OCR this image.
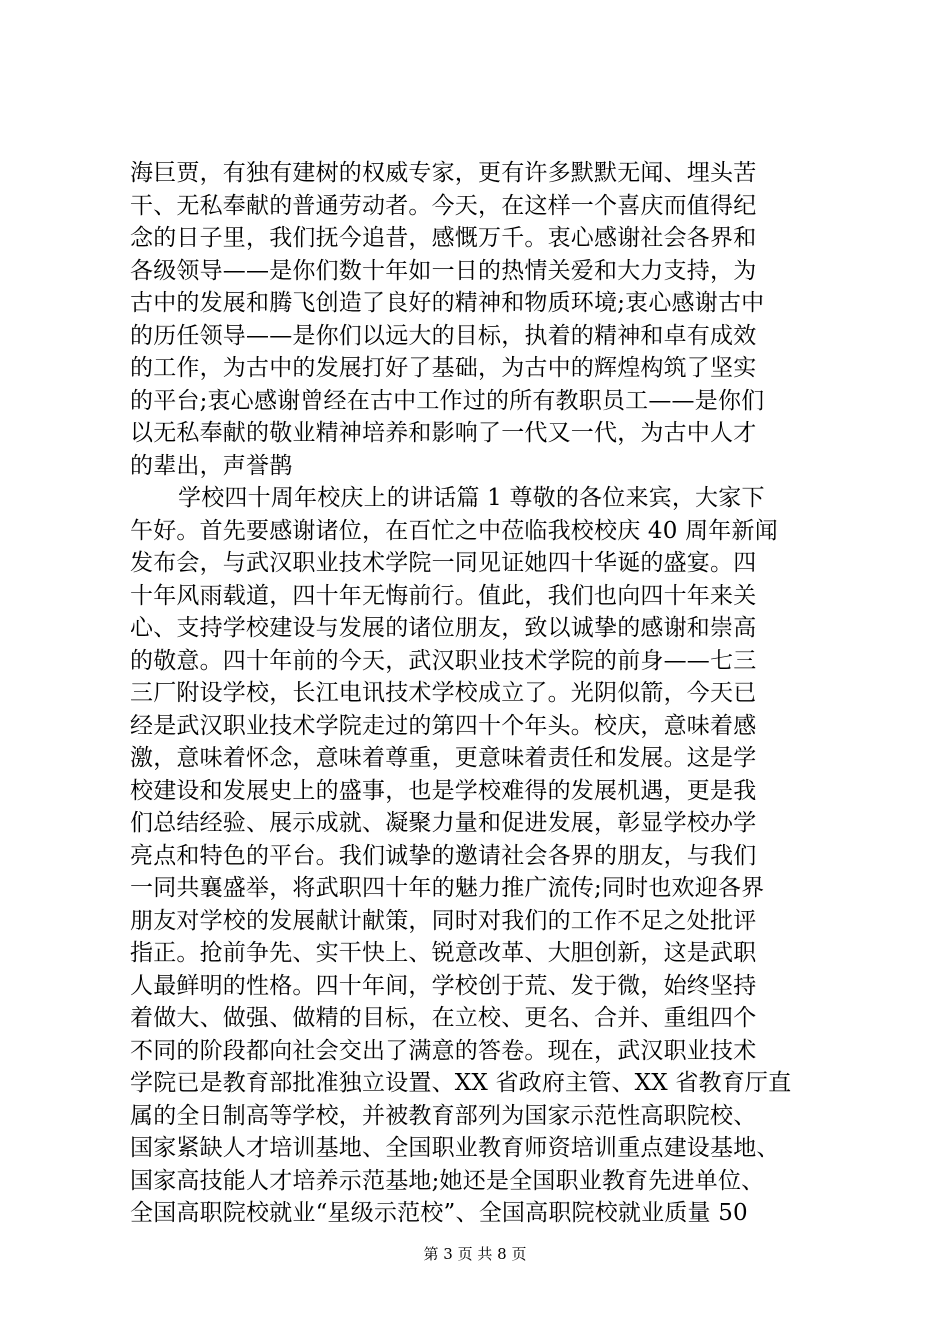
海巨贾，有独有建树的权威专家，更有许多默默无闻、埋头苦
干、无私奉献的普通劳动者。今天，在这样一个喜庆而值得纪
念的日子里，我们抚今追昔，感慨万千。衷心感谢社会各界和
各级领导——是你们数十年如一日的热情关爱和大力支持，为
古中的发展和腾飞创造了良好的精神和物质环境;衷心感谢古中
的历任领导——是你们以远大的目标，执着的精神和卓有成效
的工作，为古中的发展打好了基础，为古中的辉煌构筑了坚实
的平台;衷心感谢曾经在古中工作过的所有教职员工——是你们
以无私奉献的敬业精神培养和影响了一代又一代，为古中人才
的辈出，声誉鹊
学校四十周年校庆上的讲话篇 1 尊敬的各位来宾，大家下
午好。首先要感谢诸位，在百忙之中莅临我校校庆 40 周年新闻
发布会，与武汉职业技术学院一同见证她四十华诞的盛宴。四
十年风雨载道，四十年无悔前行。值此，我们也向四十年来关
心、支持学校建设与发展的诸位朋友，致以诚挚的感谢和崇高
的敬意。四十年前的今天，武汉职业技术学院的前身——七三
三厂附设学校，长江电讯技术学校成立了。光阴似箭，今天已
经是武汉职业技术学院走过的第四十个年头。校庆，意味着感
激，意味着怀念，意味着尊重，更意味着责任和发展。这是学
校建设和发展史上的盛事，也是学校难得的发展机遇，更是我
们总结经验、展示成就、凝聚力量和促进发展，彰显学校办学
亮点和特色的平台。我们诚挚的邀请社会各界的朋友，与我们
一同共襄盛举，将武职四十年的魅力推广流传;同时也欢迎各界
朋友对学校的发展献计献策，同时对我们的工作不足之处批评
指正。抢前争先、实干快上、锐意改革、大胆创新，这是武职
人最鲜明的性格。四十年间，学校创于荒、发于微，始终坚持
着做大、做强、做精的目标，在立校、更名、合并、重组四个
不同的阶段都向社会交出了满意的答卷。现在，武汉职业技术
学院已是教育部批准独立设置、XX 省政府主管、XX 省教育厅直
属的全日制高等学校，并被教育部列为国家示范性高职院校、
国家紧缺人才培训基地、全国职业教育师资培训重点建设基地、
国家高技能人才培养示范基地;她还是全国职业教育先进单位、
全国高职院校就业“星级示范校”、全国高职院校就业质量 50
第 3 页 共 8 页
